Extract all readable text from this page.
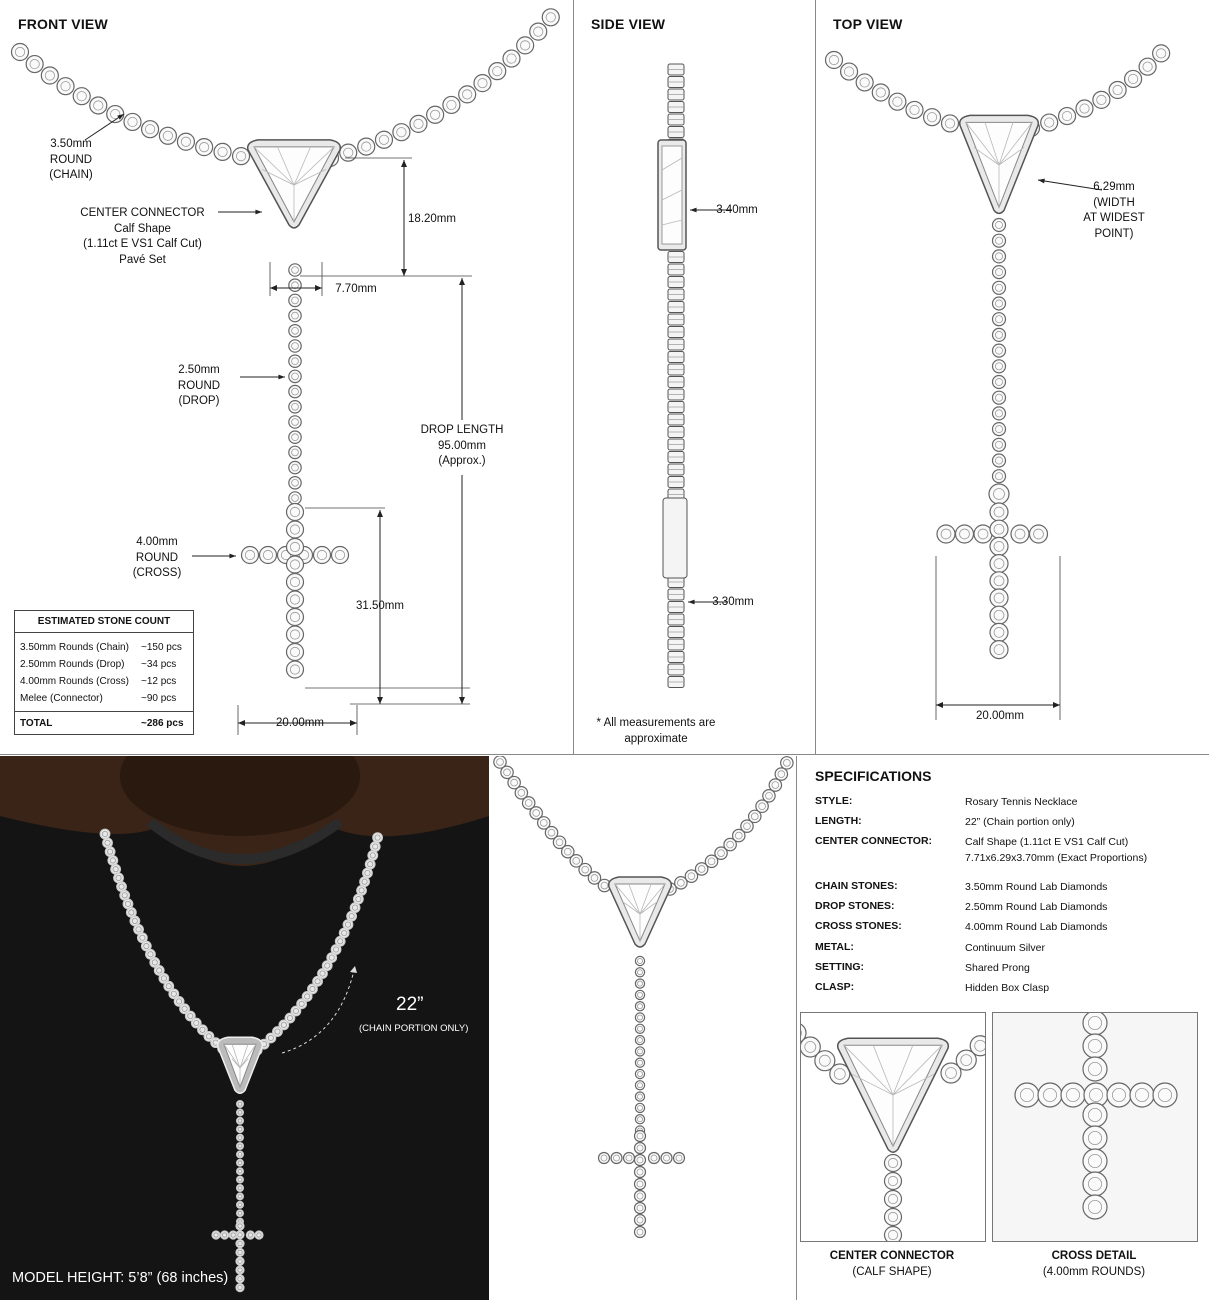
FRONT VIEW
3.50mm
ROUND
(CHAIN)
CENTER CONNECTOR
Calf Shape
(1.11ct E VS1 Calf Cut)
Pavé Set
18.20mm
7.70mm
2.50mm
ROUND
(DROP)
DROP LENGTH
95.00mm
(Approx.)
4.00mm
ROUND
(CROSS)
31.50mm
20.00mm
ESTIMATED STONE COUNT
3.50mm Rounds (Chain) ~150 pcs
2.50mm Rounds (Drop) ~34 pcs
4.00mm Rounds (Cross) ~12 pcs
Melee (Connector)	~90 pcs
TOTAL	~286 pcs
SIDE VIEW
3.40mm
3.30mm
* All measurements are
approximate
TOP VIEW
6.29mm
(WIDTH
AT WIDEST
POINT)
20.00mm
22”
(CHAIN PORTION ONLY)
MODEL HEIGHT: 5’8” (68 inches)
SPECIFICATIONS
STYLE:	Rosary Tennis Necklace
LENGTH:	22” (Chain portion only)
CENTER CONNECTOR:	Calf Shape (1.11ct E VS1 Calf Cut)
7.71x6.29x3.70mm (Exact Proportions)
CHAIN STONES:	3.50mm Round Lab Diamonds
DROP STONES:	2.50mm Round Lab Diamonds
CROSS STONES:	4.00mm Round Lab Diamonds
METAL:	Continuum Silver
SETTING:	Shared Prong
CLASP:	Hidden Box Clasp
CENTER CONNECTOR
(CALF SHAPE)
CROSS DETAIL
(4.00mm ROUNDS)
